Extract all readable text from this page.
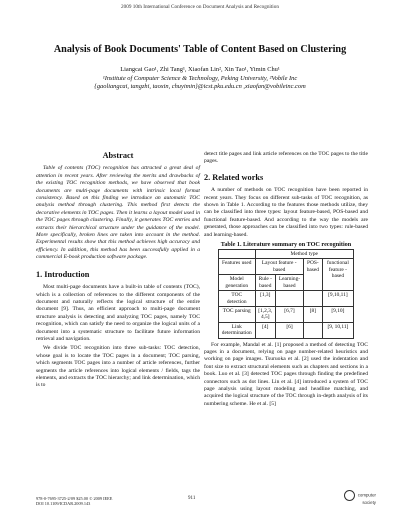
2009 10th International Conference on Document Analysis and Recognition
Analysis of Book Documents' Table of Content Based on Clustering
Liangcai Gao¹, Zhi Tang¹, Xiaofan Lin², Xin Tao¹, Yimin Chu¹
¹Institute of Computer Science & Technology, Peking University, ²Vobile Inc
{gaoliangcai, tangzhi, taoxin, chuyimin}@icst.pku.edu.cn ,xiaofan@vobileinc.com
Abstract

Table of contents (TOC) recognition has attracted a great deal of attention in recent years. After reviewing the merits and drawbacks of the existing TOC recognition methods, we have observed that book documents are multi-page documents with intrinsic local format consistency. Based on this finding we introduce an automatic TOC analysis method through clustering. This method first detects the decorative elements in TOC pages. Then it learns a layout model used in the TOC pages through clustering. Finally, it generates TOC entries and extracts their hierarchical structure under the guidance of the model. More specifically, broken lines are taken into account in the method. Experimental results show that this method achieves high accuracy and efficiency. In addition, this method has been successfully applied in a commercial E-book production software package.

1. Introduction

Most multi-page documents have a built-in table of contents (TOC), which is a collection of references to the different components of the document and naturally reflects the logical structure of the entire document [9]. Thus, an efficient approach to multi-page document structure analysis is detecting and analyzing TOC pages, namely TOC recognition, which can satisfy the need to organize the logical units of a document into a systematic structure to facilitate future information retrieval and navigation.

We divide TOC recognition into three sub-tasks: TOC detection, whose goal is to locate the TOC pages in a document; TOC parsing, which segments TOC pages into a number of article references, further segments the article references into logical elements / fields, tags the elements, and extracts the TOC hierarchy; and link determination, which is to

detect title pages and link article references on the TOC pages to the title pages.

2. Related works

A number of methods on TOC recognition have been reported in recent years. They focus on different sub-tasks of TOC recognition, as shown in Table 1. According to the features those methods utilize, they can be classified into three types: layout feature-based, POS-based and functional feature-based. And according to the way the models are generated, those approaches can be classified into two types: rule-based and learning-based.

Table 1. Literature summary on TOC recognition
	Method type			
Features used	Layout feature -based		POS-based	functional feature -based
Model generation	Rule -based	Learning-based		
TOC detection	[1,3]			[9,10,11]
TOC parsing	[1,2,3, 4,5]	[6,7]	[8]	[9,10]
Link determination	[4]	[6]		[9, 10,11]

For example, Mandal et al. [1] proposed a method of detecting TOC pages in a document, relying on page number-related heuristics and working on page images. Tsuruoka et al. [2] used the indentation and font size to extract structural elements such as chapters and sections in a book. Luo et al. [3] detected TOC pages through finding the predefined connectors such as dot lines. Lin et al. [4] introduced a system of TOC page analysis using layout modeling and headline matching, and acquired the logical structure of the TOC through in-depth analysis of its numbering scheme. He et al. [5]

978-0-7695-3725-2/09 $25.00 © 2009 IEEE
DOI 10.1109/ICDAR.2009.143
911
computer society
